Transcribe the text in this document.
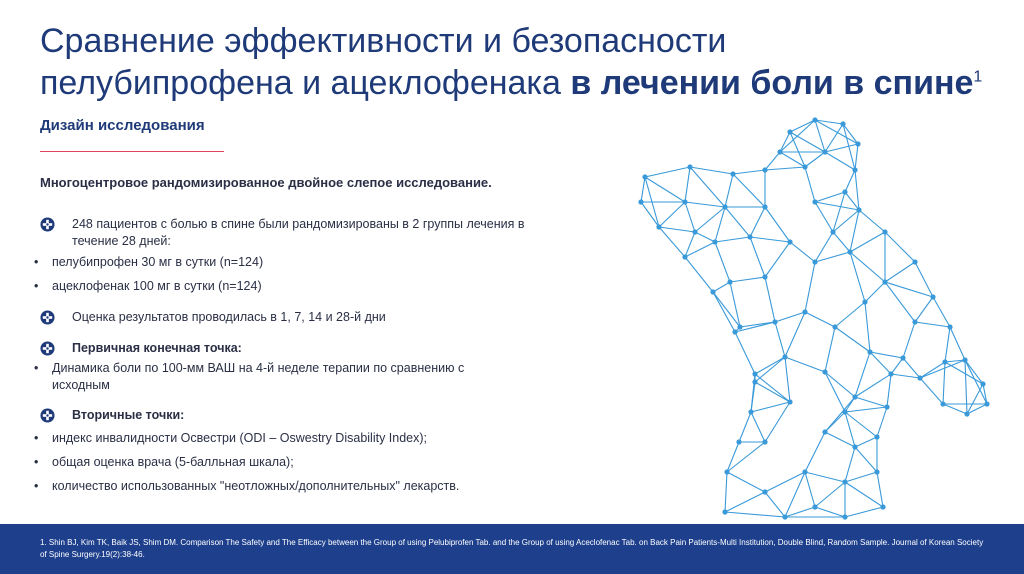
Сравнение эффективности и безопасности
пелубипрофена и ацеклофенака в лечении боли в спине$^1$
Дизайн исследования
Многоцентровое рандомизированное двойное слепое исследование.
248 пациентов с болью в спине были рандомизированы в 2 группы лечения в течение 28 дней:
• пелубипрофен 30 мг в сутки (n=124)
• ацеклофенак 100 мг в сутки (n=124)
Оценка результатов проводилась в 1, 7, 14 и 28-й дни
Первичная конечная точка:
• Динамика боли по 100-мм ВАШ на 4-й неделе терапии по сравнению с исходным
Вторичные точки:
• индекс инвалидности Освестри (ODI – Oswestry Disability Index);
• общая оценка врача (5-балльная шкала);
• количество использованных "неотложных/дополнительных" лекарств.
1. Shin BJ, Kim TK, Baik JS, Shim DM. Comparison The Safety and The Efficacy between the Group of using Pelubiprofen Tab. and the Group of using Aceclofenac Tab. on Back Pain Patients-Multi Institution, Double Blind, Random Sample. Journal of Korean Society of Spine Surgery.19(2):38-46.
